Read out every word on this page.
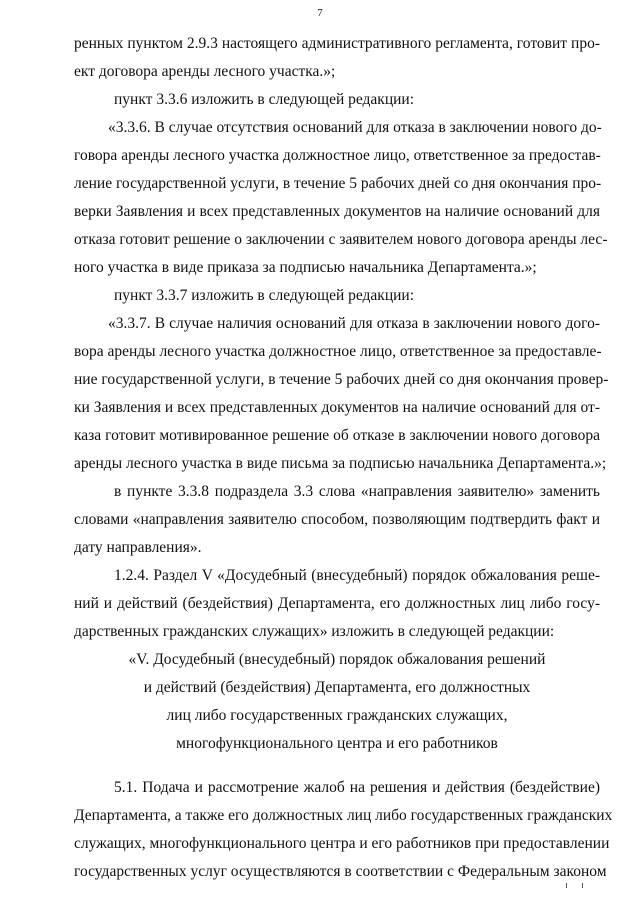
7
ренных пунктом 2.9.3 настоящего административного регламента, готовит про-
ект договора аренды лесного участка.»;
пункт 3.3.6 изложить в следующей редакции:
«3.3.6. В случае отсутствия оснований для отказа в заключении нового до-
говора аренды лесного участка должностное лицо, ответственное за предостав-
ление государственной услуги, в течение 5 рабочих дней со дня окончания про-
верки Заявления и всех представленных документов на наличие оснований для
отказа готовит решение о заключении с заявителем нового договора аренды лес-
ного участка в виде приказа за подписью начальника Департамента.»;
пункт 3.3.7 изложить в следующей редакции:
«3.3.7. В случае наличия оснований для отказа в заключении нового дого-
вора аренды лесного участка должностное лицо, ответственное за предоставле-
ние государственной услуги, в течение 5 рабочих дней со дня окончания провер-
ки Заявления и всех представленных документов на наличие оснований для от-
каза готовит мотивированное решение об отказе в заключении нового договора
аренды лесного участка в виде письма за подписью начальника Департамента.»;
в пункте 3.3.8 подраздела 3.3 слова «направления заявителю» заменить
словами «направления заявителю способом, позволяющим подтвердить факт и
дату направления».
1.2.4. Раздел V «Досудебный (внесудебный) порядок обжалования реше-
ний и действий (бездействия) Департамента, его должностных лиц либо госу-
дарственных гражданских служащих» изложить в следующей редакции:
«V. Досудебный (внесудебный) порядок обжалования решений
и действий (бездействия) Департамента, его должностных
лиц либо государственных гражданских служащих,
многофункционального центра и его работников
5.1. Подача и рассмотрение жалоб на решения и действия (бездействие)
Департамента, а также его должностных лиц либо государственных гражданских
служащих, многофункционального центра и его работников при предоставлении
государственных услуг осуществляются в соответствии с Федеральным законом
